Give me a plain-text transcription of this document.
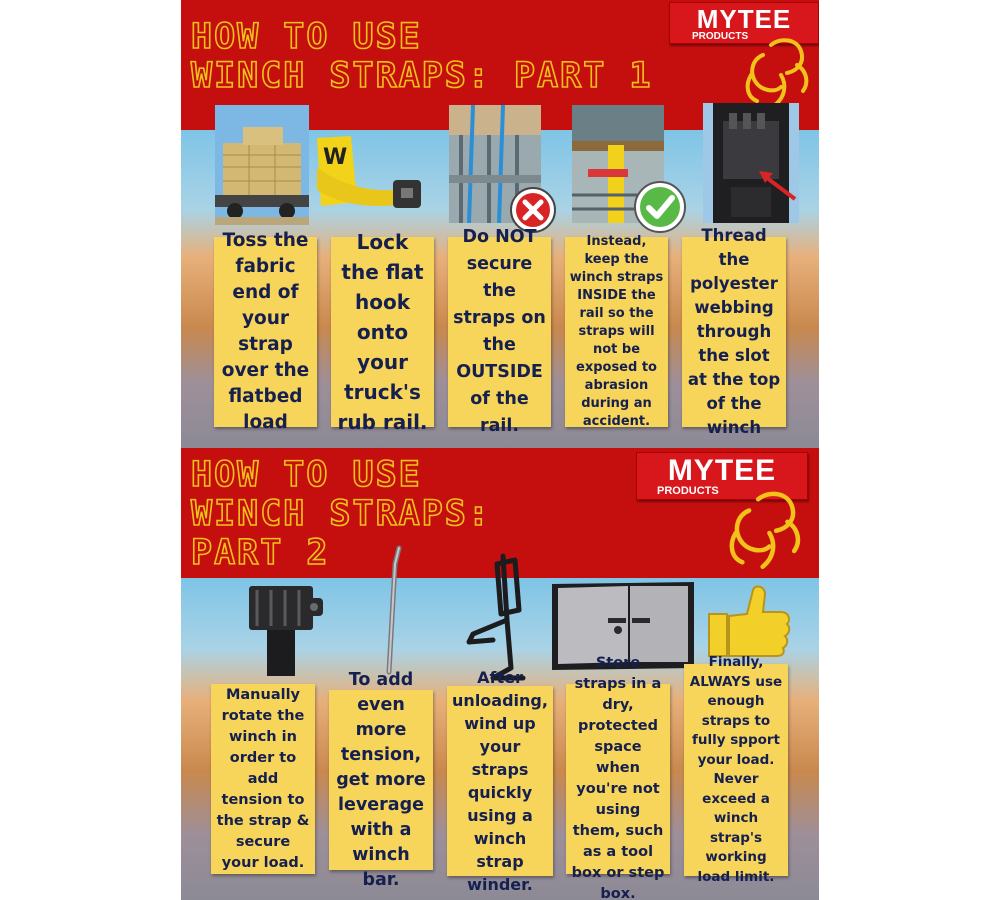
HOW TO USE
WINCH STRAPS: PART 1
MYTEE
PRODUCTS
W
Toss the fabric end of your strap over the flatbed load
Lock the flat hook onto your truck's rub rail.
Do NOT secure the straps on the OUTSIDE of the rail.
Instead, keep the winch straps INSIDE the rail so the straps will not be exposed to abrasion during an accident.
Thread the polyester webbing through the slot at the top of the winch
HOW TO USE
WINCH STRAPS:
PART 2
MYTEE
PRODUCTS
Manually rotate the winch in order to add tension to the strap & secure your load.
To add even more tension, get more leverage with a winch bar.
After unloading, wind up your straps quickly using a winch strap winder.
Store straps in a dry, protected space when you're not using them, such as a tool box or step box.
Finally, ALWAYS use enough straps to fully spport your load. Never exceed a winch strap's working load limit.
